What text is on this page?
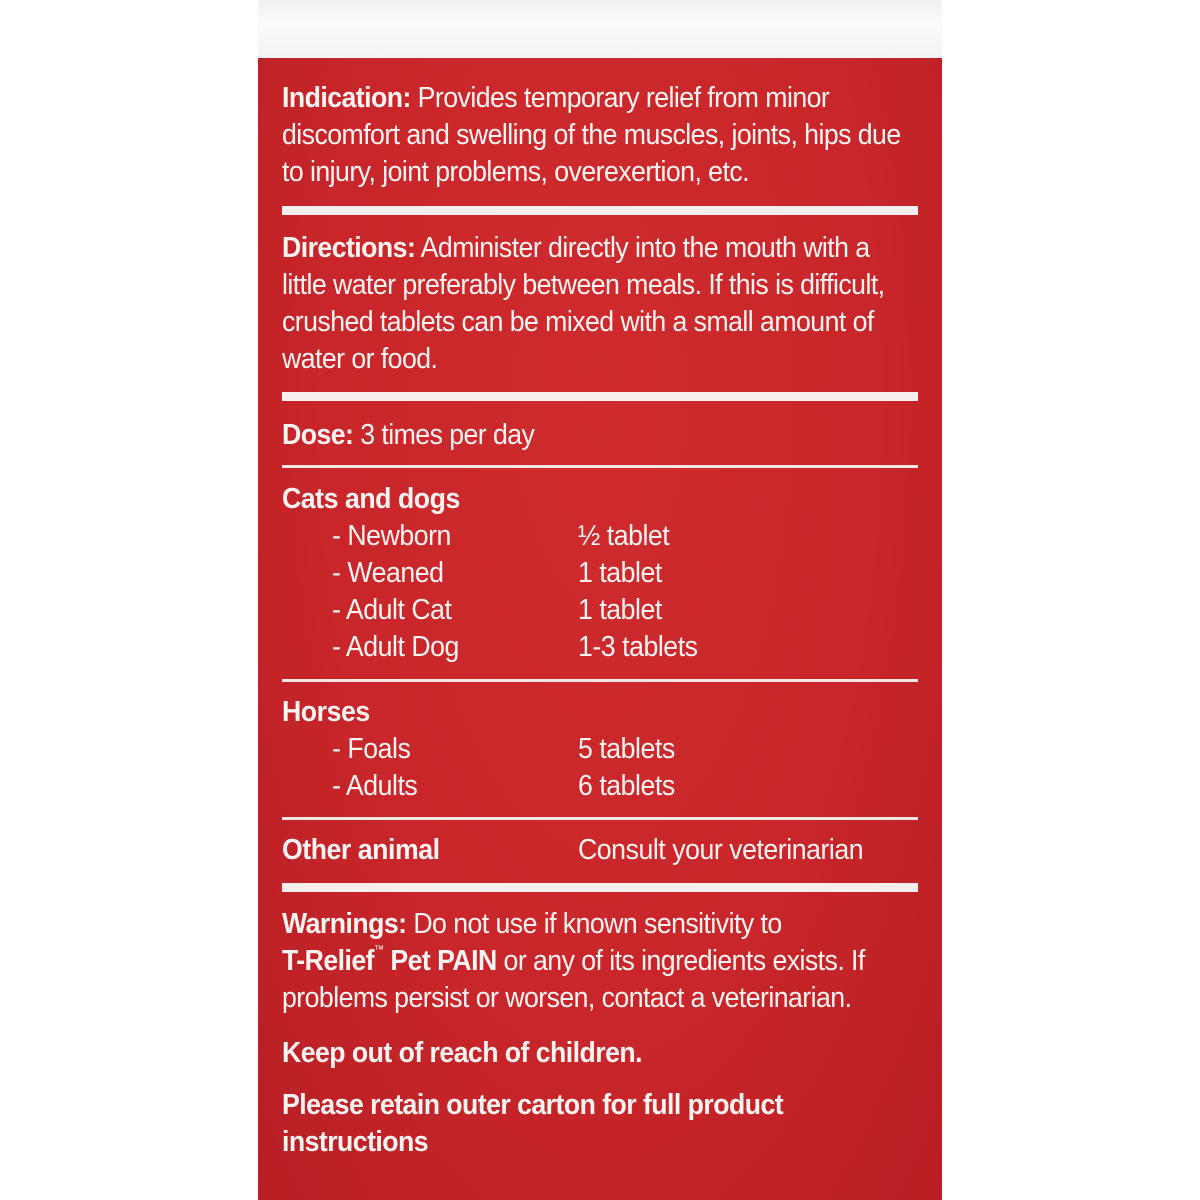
Indication: Provides temporary relief from minor discomfort and swelling of the muscles, joints, hips due to injury, joint problems, overexertion, etc.

Directions: Administer directly into the mouth with a little water preferably between meals. If this is difficult, crushed tablets can be mixed with a small amount of water or food.

Dose: 3 times per day

Cats and dogs
- Newborn	½ tablet
- Weaned	1 tablet
- Adult Cat	1 tablet
- Adult Dog	1-3 tablets
Horses
- Foals	5 tablets
- Adults	6 tablets
Other animal	Consult your veterinarian

Warnings: Do not use if known sensitivity to
T-Relief™ Pet PAIN or any of its ingredients exists. If problems persist or worsen, contact a veterinarian.

Keep out of reach of children.

Please retain outer carton for full product instructions
